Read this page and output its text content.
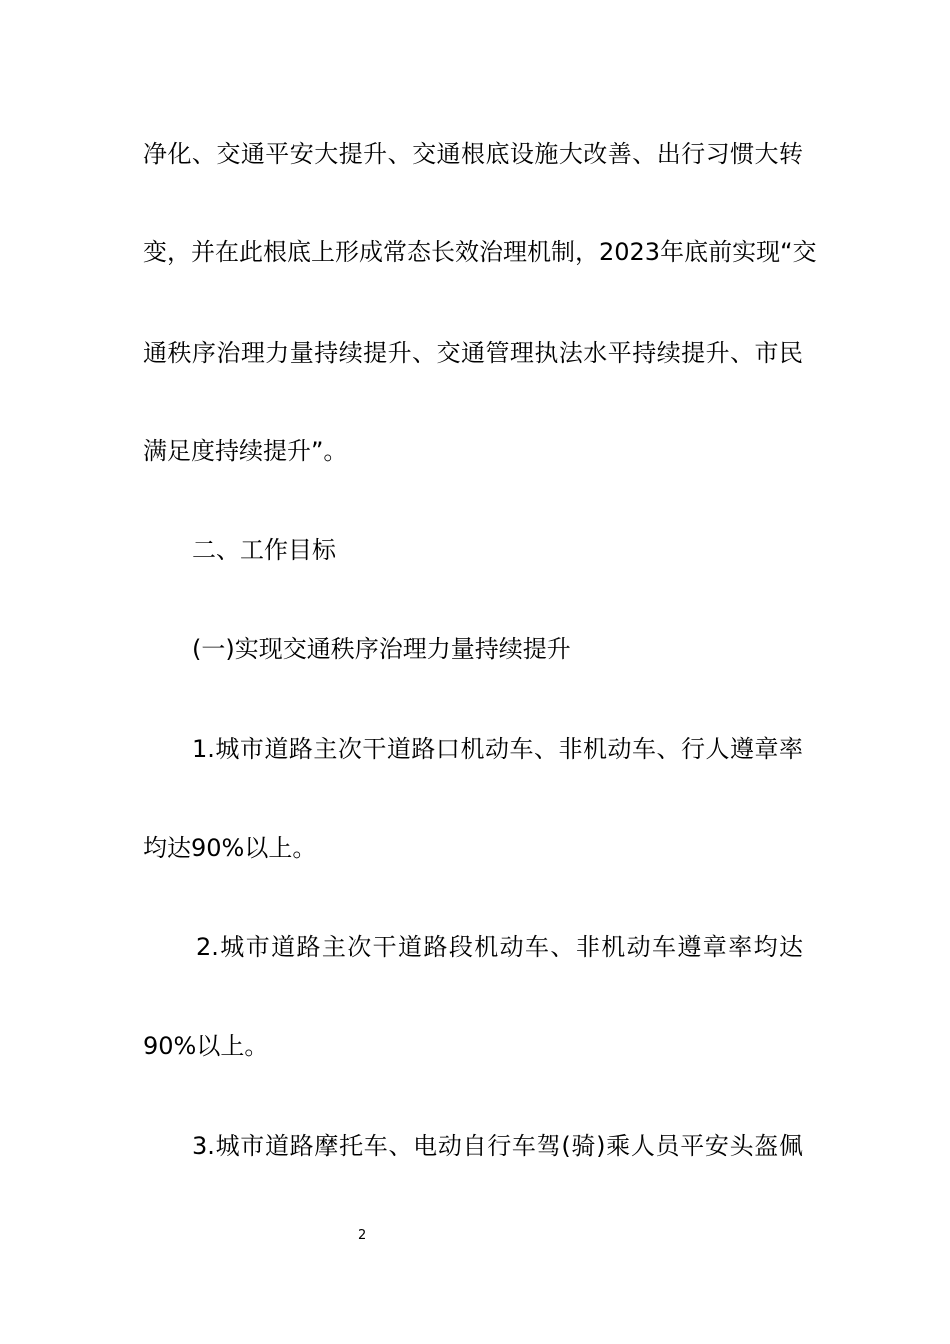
净化、交通平安大提升、交通根底设施大改善、出行习惯大转
变，并在此根底上形成常态长效治理机制，2023年底前实现“交
通秩序治理力量持续提升、交通管理执法水平持续提升、市民
满足度持续提升”。
二、工作目标
(一)实现交通秩序治理力量持续提升
1.城市道路主次干道路口机动车、非机动车、行人遵章率
均达90%以上。
2.城市道路主次干道路段机动车、非机动车遵章率均达
90%以上。
3.城市道路摩托车、电动自行车驾(骑)乘人员平安头盔佩
2
